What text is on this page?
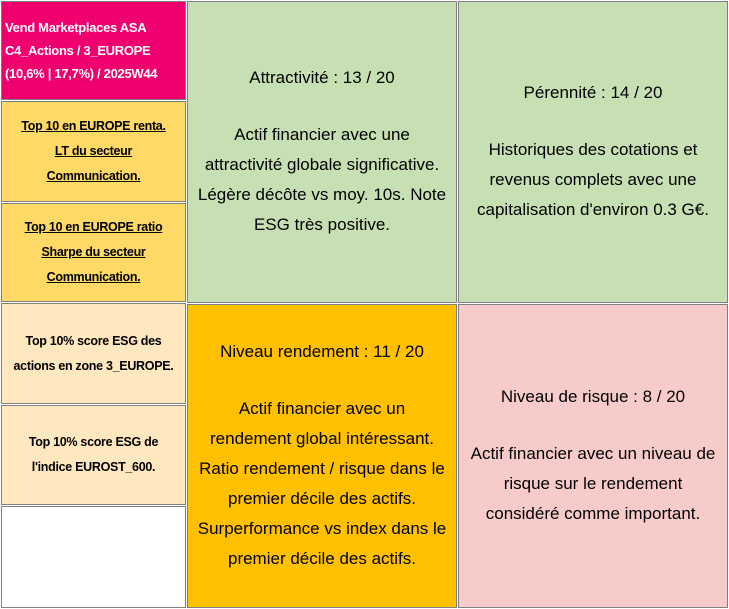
Vend Marketplaces ASA
C4_Actions / 3_EUROPE
(10,6% | 17,7%) / 2025W44
Top 10 en EUROPE renta.
LT du secteur
Communication.
Top 10 en EUROPE ratio
Sharpe du secteur
Communication.
Top 10% score ESG des
actions en zone 3_EUROPE.
Top 10% score ESG de
l'indice EUROST_600.
Attractivité : 13 / 20
Actif financier avec une
attractivité globale significative.
Légère décôte vs moy. 10s. Note
ESG très positive.
Pérennité : 14 / 20
Historiques des cotations et
revenus complets avec une
capitalisation d'environ 0.3 G€.
Niveau rendement : 11 / 20
Actif financier avec un
rendement global intéressant.
Ratio rendement / risque dans le
premier décile des actifs.
Surperformance vs index dans le
premier décile des actifs.
Niveau de risque : 8 / 20
Actif financier avec un niveau de
risque sur le rendement
considéré comme important.
